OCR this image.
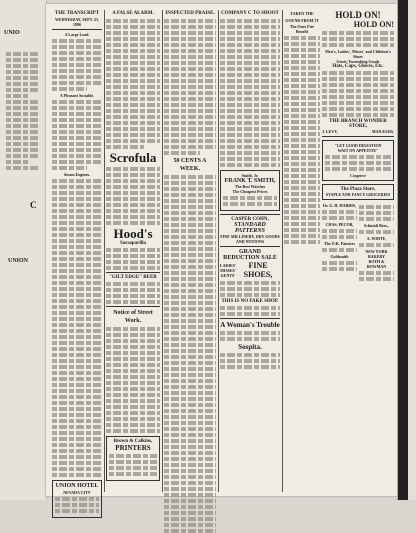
UNIO
C
UNION
THE TRANSCRIPT
WEDNESDAY, SEPT. 23, 1896
A Large Load.
A Pleasant Sociable.
Steam Engines.
UNION HOTEL
NEVADA CITY
A FALSE ALARM.
Scrofula
Hood's
Sarsaparilla
"GILT EDGE" BEER
Notice of Street Work.
Brown & Calkins,
PRINTERS
INSPECTED PRAISE.
50 CENTS A WEEK.
COMPANY C TO SHOOT
Smith, Jr.
FRANK T. SMITH,
The Best Watches
The Cheapest Prices
CASPER COHN,
STANDARD PATTERNS
FINE MILLINERY, DRY GOODS AND NOTIONS
GRAND REDUCTION SALE
LADIES'
MISSES'
GENTS'
FINE SHOES,
THIS IS NO FAKE SHOP.
A Woman's Trouble
Sospita.
TAKEN THE GOUND FROM IT
The Ones Fire Benefit
HOLD ON!
HOLD ON!
Men's, Ladies', Misses' and Children's Shoes
Gents' Furnishing Goods
Hats, Caps, Gloves, Etc.
THE BRANCH WONDER STORE,
J. LEVY,	MANAGER.
"LET GOOD DIGESTION
WAIT ON APPETITE"
Cosgrove
The Plaza Store,
STAPLE AND FANCY GROCERIES
Dr. G. H. HARRIS,
CHAS. PECOR,
The O.K. Painters
Goldsmith
Schmidt Bros.,
A. WHITE,
NEW YORK BAKERY
BOTH & BOWMAN
